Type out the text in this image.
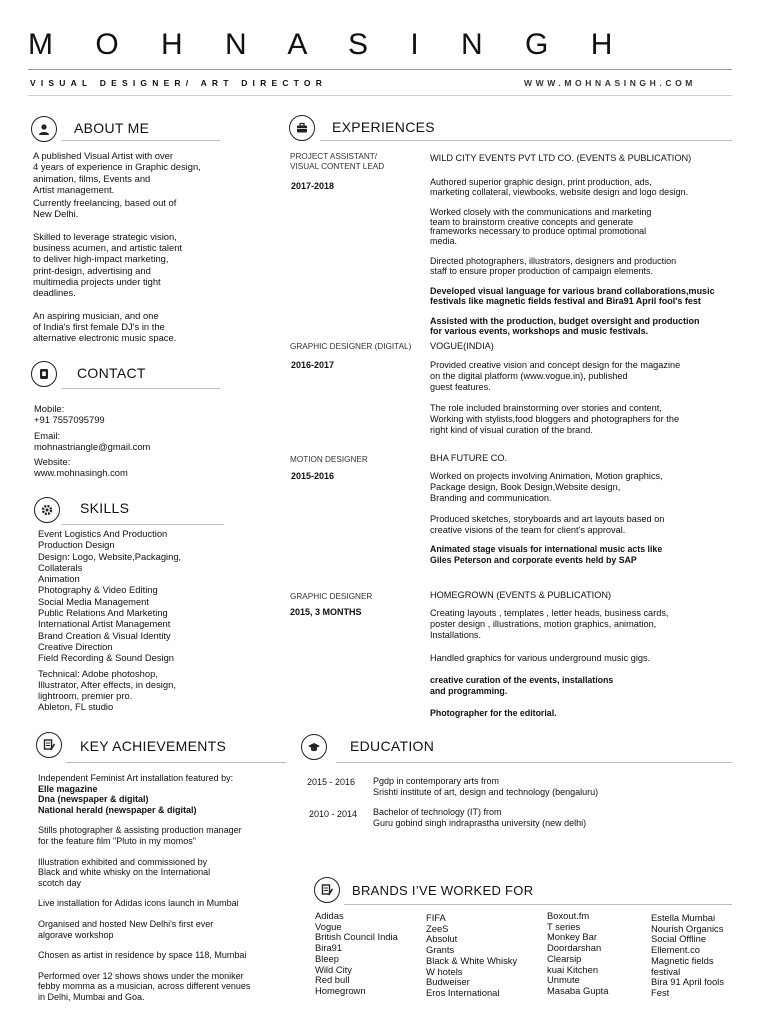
M O H N A S I N G H
VISUAL DESIGNER/ ART DIRECTOR	WWW.MOHNASINGH.COM
ABOUT ME
A published Visual Artist with over
4 years of experience in Graphic design,
animation, films, Events and
Artist management.
Currently freelancing, based out of
New Delhi.
Skilled to leverage strategic vision,
business acumen, and artistic talent
to deliver high-impact marketing,
print-design, advertising and
multimedia projects under tight
deadlines.
An aspiring musician, and one
of India's first female DJ's in the
alternative electronic music space.
CONTACT
Mobile:
+91 7557095799
Email:
mohnastriangle@gmail.com
Website:
www.mohnasingh.com
SKILLS
Event Logistics And Production
Production Design
Design: Logo, Website,Packaging,
Collaterals
Animation
Photography & Video Editing
Social Media Management
Public Relations And Marketing
International Artist Management
Brand Creation & Visual Identity
Creative Direction
Field Recording & Sound Design
Technical: Adobe photoshop,
Illustrator, After effects, in design,
lightroom, premier pro.
Ableton, FL studio
KEY ACHIEVEMENTS
Independent Feminist Art installation featured by:
Elle magazine
Dna (newspaper & digital)
National herald (newspaper & digital)
Stills photographer & assisting production manager
for the feature film "Pluto in my momos"
Illustration exhibited and commissioned by
Black and white whisky on the International
scotch day
Live installation for Adidas icons launch in Mumbai
Organised and hosted New Delhi's first ever
algorave workshop
Chosen as artist in residence by space 118, Mumbai
Performed over 12 shows shows under the moniker
febby momma as a musician, across different venues
in Delhi, Mumbai and Goa.
EXPERIENCES
PROJECT ASSISTANT/
VISUAL CONTENT LEAD
2017-2018
WILD CITY EVENTS PVT LTD CO. (EVENTS & PUBLICATION)

Authored superior graphic design, print production, ads,
marketing collateral, viewbooks, website design and logo design.

Worked closely with the communications and marketing
team to brainstorm creative concepts and generate
frameworks necessary to produce optimal promotional
media.

Directed photographers, illustrators, designers and production
staff to ensure proper production of campaign elements.

Developed visual language for various brand collaborations,music
festivals like magnetic fields festival and Bira91 April fool's fest

Assisted with the production, budget oversight and production
for various events, workshops and music festivals.

GRAPHIC DESIGNER (DIGITAL)
2016-2017
VOGUE(INDIA)
Provided creative vision and concept design for the magazine
on the digital platform (www.vogue.in), published
guest features.
The role included brainstorming over stories and content,
Working with stylists,food bloggers and photographers for the
right kind of visual curation of the brand.
MOTION DESIGNER
2015-2016
BHA FUTURE CO.
Worked on projects involving Animation, Motion graphics,
Package design, Book Design,Website design,
Branding and communication.
Produced sketches, storyboards and art layouts based on
creative visions of the team for client's approval.
Animated stage visuals for international music acts like
Giles Peterson and corporate events held by SAP
GRAPHIC DESIGNER
2015, 3 MONTHS
HOMEGROWN (EVENTS & PUBLICATION)
Creating layouts , templates , letter heads, business cards,
poster design , illustrations, motion graphics, animation,
Installations.
Handled graphics for various underground music gigs.
creative curation of the events, installations
and programming.
Photographer for the editorial.
EDUCATION
2015 - 2016 Pgdp in contemporary arts from
Srishti institute of art, design and technology (bengaluru)
2010 - 2014 Bachelor of technology (IT) from
Guru gobind singh indraprastha university (new delhi)
BRANDS I’VE WORKED FOR
Adidas
Vogue
British Council India
Bira91
Bleep
Wild City
Red bull
Homegrown
FIFA
ZeeS
Absolut
Grants
Black & White Whisky
W hotels
Budweiser
Eros International
Boxout.fm
T series
Monkey Bar
Doordarshan
Clearsip
kuai Kitchen
Unmute
Masaba Gupta
Estella Mumbai
Nourish Organics
Social Offline
Ellement.co
Magnetic fields
festival
Bira 91 April fools
Fest
